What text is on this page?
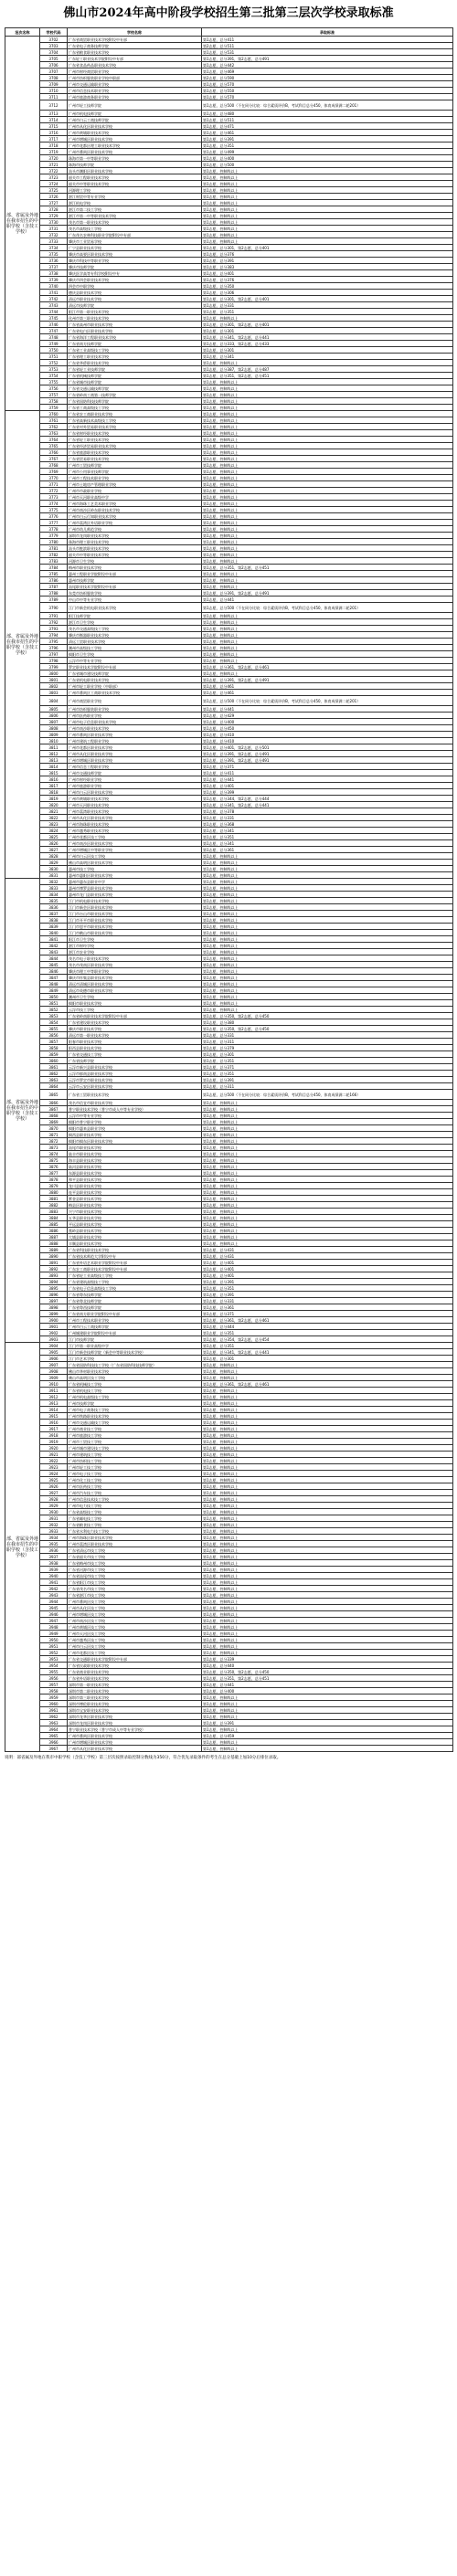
佛山市2024年高中阶段学校招生第三批第三层次学校录取标准
批次名称	学校代码	学校名称	录取标准
部、省属及外地在我市招生的中职学校（含技工学校）	3702	广东省商贸职业技术学校附设中专部	第1志愿，总分411
	3703	广东省电子商务技师学院	第2志愿，总分511
	3704	广东省粮食职业技术学校	第1志愿，总分531
	3705	广东轻工职业技术学院附设中专部	第1志愿，总分391，第2志愿，总分491
	3706	广东省食品药品职业技术学校	第1志愿，总分442
	3707	广州市财经商贸职业学校	第1志愿，总分469
	3708	广州市纺织服装职业学校中职部	第2志愿，总分590
	3709	广州市交通运输职业学校	第1志愿，总分570
	3710	广州市信息技术职业学校	第1志愿，总分550
	3711	广州市旅游商务职业学校	第1志愿，总分570
	3712	广州市轻工技师学院	第1志愿，总分500（不在同分比较：综合素质评价B，考试科目总分450，体育成绩满二轮201）
	3713	广州市机电技师学院	第1志愿，总分480
	3714	广州市白云工商技师学院	第1志愿，总分511
	3715	广州市从化区职业技术学校	第1志愿，总分471
	3716	广州市黄埔职业技术学校	第1志愿，总分461
	3717	广州市增城区职业技术学校	第1志愿，总分391
	3718	广州市花都区理工职业技术学校	第1志愿，总分351
	3719	广州市番禺区职业技术学校	第1志愿，总分499
	3720	珠海市第一中等职业学校	第1志愿，总分400
	3721	珠海市技师学院	第1志愿，总分500
	3722	汕头市潮阳区职业技术学校	第1志愿，控制线以上
	3723	韶关市工程职业技术学校	第1志愿，控制线以上
	3724	韶关市中等职业技术学校	第1志愿，控制线以上
	3725	河源理工学校	第1志愿，控制线以上
	3726	湛江财贸中等专业学校	第1志愿，控制线以上
	3727	湛江机电学校	第1志愿，控制线以上
	3728	湛江市第二技工学校	第1志愿，控制线以上
	3729	湛江市第一中等职业技术学校	第1志愿，控制线以上
	3730	茂名市第一职业技术学校	第1志愿，控制线以上
	3731	茂名市高级技工学校	第1志愿，控制线以上
	3732	广东茂名农林科技职业学院附设中专部	第1志愿，控制线以上
	3733	肇庆市工业贸易学校	第1志愿，控制线以上
	3734	广宁县职业技术学校	第1志愿，总分301，第2志愿，总分401
	3735	肇庆市高要区职业技术学校	第1志愿，总分376
	3736	肇庆市科技中等职业学校	第1志愿，总分391
	3737	肇庆市技师学院	第1志愿，总分383
	3738	肇庆医学高等专科学校附设中专	第1志愿，总分401
	3739	肇庆市四会职业技术学校	第1志愿，总分376
	3740	四会市中职学校	第1志愿，总分350
	3741	德庆县职业技术学校	第1志愿，总分306
	3742	清远市职业技术学校	第1志愿，总分301，第2志愿，总分401
	3743	清远市技师学院	第1志愿，总分331
	3744	阳江市第一职业技术学校	第1志愿，总分351
	3745	化州市第三职业技术学校	第1志愿，控制线以上
	3746	广东省高州市职业技术学校	第1志愿，总分301，第2志愿，总分401
	3747	广东省电白区职业技术学校	第1志愿，总分301
	3748	广东省海洋工程职业技术学校	第1志愿，总分341，第2志愿，总分441
	3749	广东省南方技师学院	第1志愿，总分333，第2志愿，总分433
	3750	广东省工业高级技工学校	第1志愿，总分301
	3751	广东省理工职业技术学校	第1志愿，总分341
	3752	广东省华侨职业技术学校	第1志愿，控制线以上
	3753	广东省轻工业技师学院	第1志愿，总分387，第2志愿，总分487
	3754	广东省机械技师学院	第1志愿，总分351，第2志愿，总分451
	3755	广东省城市技师学院	第1志愿，控制线以上
	3756	广东省交通运输技师学院	第1志愿，控制线以上
	3757	广东省岭南工商第一技师学院	第1志愿，控制线以上
	3758	广东省国防科技技师学院	第1志愿，控制线以上
	3759	广东省工商高级技工学校	第1志愿，控制线以上
部、省属及外地在我市招生的中职学校（含技工学校）	3760	广东省农工商职业技术学校	第1志愿，控制线以上
	3761	广东省高新技术高级技工学校	第1志愿，控制线以上
	3762	广东省对外贸易职业技术学校	第1志愿，控制线以上
	3763	广东省财经职业技术学校	第1志愿，控制线以上
	3764	广东省轻工职业技术学校	第1志愿，控制线以上
	3765	广东省经济贸易职业技术学校	第1志愿，控制线以上
	3766	广东省旅游职业技术学校	第1志愿，控制线以上
	3767	广东省贸易职业技术学校	第1志愿，控制线以上
	3768	广州市工贸技师学院	第1志愿，控制线以上
	3769	广州市公用事业技师学院	第1志愿，控制线以上
	3770	广州市工程技术职业学校	第1志愿，控制线以上
	3771	广州市土地房产管理职业学校	第1志愿，控制线以上
	3772	广州市市政职业学校	第1志愿，控制线以上
	3773	广州市天河职业高级中学	第1志愿，控制线以上
	3774	广州市海珠工艺美术职业学校	第1志愿，控制线以上
	3775	广州市南沙区岭东职业技术学校	第1志愿，控制线以上
	3776	广州市白云行知职业技术学校	第1志愿，控制线以上
	3777	广州市荔湾区外语职业学校	第1志愿，控制线以上
	3778	广州市幼儿师范学校	第1志愿，控制线以上
	3779	深圳市龙岗职业技术学校	第1志愿，控制线以上
	3780	珠海市理工职业技术学校	第1志愿，控制线以上
	3781	汕头市鮀滨职业技术学校	第1志愿，控制线以上
	3782	韶关市中等职业技术学校	第1志愿，控制线以上
	3783	河源市卫生学校	第1志愿，控制线以上
	3784	梅州市职业技术学校	第1志愿，总分351，第2志愿，总分451
	3785	惠州工程职业学院附设中专部	第1志愿，控制线以上
	3786	惠州市技师学院	第1志愿，控制线以上
	3787	汕尾职业技术学院附设中专部	第1志愿，控制线以上
	3788	东莞市纺织服装学校	第1志愿，总分391，第2志愿，总分491
	3789	中山市中等专业学校	第1志愿，总分441
	3790	江门市新会机电职业技术学校	第1志愿，总分500（不在同分比较：综合素质评价B，考试科目总分450，体育成绩满二轮201）
	3791	阳江技师学院	第1志愿，控制线以上
	3792	湛江市卫生学校	第1志愿，控制线以上
	3793	茂名市交通高级技工学校	第1志愿，控制线以上
	3794	肇庆市衡器职业技术学校	第1志愿，控制线以上
	3795	清远工贸职业技术学校	第1志愿，控制线以上
	3796	潮州市高级技工学校	第1志愿，控制线以上
	3797	揭阳市卫生学校	第1志愿，控制线以上
	3798	云浮市中等专业学校	第1志愿，控制线以上
	3799	罗定职业技术学院附设中专部	第1志愿，总分361，第2志愿，总分461
	3800	广东省城市建设技师学院	第1志愿，控制线以上
	3801	广东省机电职业技术学校	第1志愿，总分391，第2志愿，总分491
	3802	广州市轻工职业学校（中职部）	第1志愿，总分461
	3803	广州市番禺区工商职业技术学校	第1志愿，总分461
	3804	广州市商贸职业学校	第1志愿，总分500（不在同分比较：综合素质评价B，考试科目总分450，体育成绩满二轮201）
	3805	广州市纺织服装职业学校	第1志愿，总分441
	3806	广州市医药职业学校	第1志愿，总分429
	3807	广州市电子信息职业技术学校	第1志愿，总分400
	3808	广州市南沙职业技术学校	第1志愿，总分450
	3809	广州市番禺区职业技术学校	第1志愿，总分410
	3810	广州市建筑工程职业学校	第1志愿，总分410
	3811	广州市花都区职业技术学校	第1志愿，总分401，第2志愿，总分501
	3812	广州市从化区职业技术学校	第1志愿，总分391，第2志愿，总分491
	3813	广州市增城区职业技术学校	第1志愿，总分391，第2志愿，总分491
	3814	广州市信息工程职业学校	第1志愿，总分371
	3815	广州市交通技师学院	第1志愿，总分411
	3816	广州市财经职业学校	第1志愿，总分441
	3817	广州市旅游职业学校	第1志愿，总分401
	3818	广州市白云区职业技术学校	第1志愿，总分399
	3819	广州市黄埔职业技术学校	第1志愿，总分344，第2志愿，总分444
	3820	广州市天河职业技术学校	第1志愿，总分341，第2志愿，总分441
	3821	广州市荔湾职业技术学校	第1志愿，总分378
	3822	广州市从化区职业技术学校	第1志愿，总分331
	3823	广州市海珠职业技术学校	第1志愿，总分368
	3824	广州市越秀职业技术学校	第1志愿，总分341
	3825	广州市花都区技工学校	第1志愿，总分351
	3826	广州市南沙区职业技术学校	第1志愿，总分341
	3827	广州市增城区中等职业学校	第1志愿，总分361
	3828	广州市白云区技工学校	第1志愿，控制线以上
	3829	佛山市高明区职业技术学校	第1志愿，控制线以上
	3830	惠州市技工学校	第1志愿，控制线以上
	3831	惠州市惠阳区职业技术学校	第1志愿，控制线以上
部、省属及外地在我市招生的中职学校（含技工学校）	3832	惠州市惠东县职业中学	第1志愿，控制线以上
	3833	惠州市博罗县职业技术学校	第1志愿，控制线以上
	3834	惠州市龙门县职业技术学校	第1志愿，控制线以上
	3835	江门市机电职业技术学校	第1志愿，控制线以上
	3836	江门市新会区职业技术学校	第1志愿，控制线以上
	3837	江门市台山市职业技术学校	第1志愿，控制线以上
	3838	江门市开平市职业技术学校	第1志愿，控制线以上
	3839	江门市恩平市职业技术学校	第1志愿，控制线以上
	3840	江门市鹤山市职业技术学校	第1志愿，控制线以上
	3841	阳江市卫生学校	第1志愿，控制线以上
	3842	湛江市财经学校	第1志愿，控制线以上
	3843	湛江市农业学校	第1志愿，控制线以上
	3844	茂名市电子职业技术学校	第1志愿，控制线以上
	3845	茂名市茂南区职业技术学校	第1志愿，控制线以上
	3846	肇庆市理工中等职业学校	第1志愿，控制线以上
	3847	肇庆市怀集县职业技术学校	第1志愿，控制线以上
	3848	清远市清城区职业技术学校	第1志愿，控制线以上
	3849	清远市英德市职业技术学校	第1志愿，控制线以上
	3850	潮州市卫生学校	第1志愿，控制线以上
	3851	揭阳市职业技术学校	第1志愿，控制线以上
	3852	云浮市技工学校	第1志愿，控制线以上
	3853	广东省岭南职业技术学院附设中专部	第1志愿，总分350，第2志愿，总分450
	3854	广东省建设职业技术学校	第1志愿，总分380
	3855	肇庆市职业技术学校	第1志愿，总分350，第2志愿，总分450
	3856	清远市第一职业技术学校	第1志愿，总分331
	3857	阳春市职业技术学校	第1志愿，总分311
	3858	阳西县职业技术学校	第1志愿，总分379
	3859	广东省交通技工学校	第1志愿，总分301
	3860	广东省技师学院	第1志愿，总分351
	3861	云浮市新兴县职业技术学校	第1志愿，总分371
	3862	云浮市郁南县职业技术学校	第1志愿，总分351
	3863	云浮市罗定市职业技术学校	第1志愿，总分391
	3864	云浮市云安区职业技术学校	第1志愿，总分311
	3865	广东省工贸职业技术学校	第1志愿，总分500（不在同分比较：综合素质评价B，考试科目总分450，体育成绩满二轮166）
	3866	茂名市信宜市职业技术学校	第1志愿，控制线以上
	3867	普宁职业技术学校（普宁市成人中等专业学校）	第1志愿，控制线以上
	3868	云浮市中等专业学校	第1志愿，控制线以上
	3869	揭阳市普宁职业学校	第1志愿，控制线以上
	3870	揭阳市惠来县职业学校	第1志愿，控制线以上
	3871	揭西县职业技术学校	第1志愿，控制线以上
	3872	揭阳市揭东区职业技术学校	第1志愿，控制线以上
	3873	汕尾市职业技术学校	第1志愿，控制线以上
	3874	陆丰市职业技术学校	第1志愿，控制线以上
	3875	海丰县职业技术学校	第1志愿，控制线以上
	3876	陆河县职业技术学校	第1志愿，控制线以上
	3877	东源县职业技术学校	第1志愿，控制线以上
	3878	和平县职业技术学校	第1志愿，控制线以上
	3879	龙川县职业技术学校	第1志愿，控制线以上
	3880	连平县职业技术学校	第1志愿，控制线以上
	3881	紫金县职业技术学校	第1志愿，控制线以上
	3882	梅县区职业技术学校	第1志愿，控制线以上
	3883	兴宁市职业技术学校	第1志愿，控制线以上
	3884	五华县职业技术学校	第1志愿，控制线以上
	3885	平远县职业技术学校	第1志愿，控制线以上
	3886	蕉岭县职业技术学校	第1志愿，控制线以上
	3887	大埔县职业技术学校	第1志愿，控制线以上
	3888	丰顺县职业技术学校	第1志愿，控制线以上
	3889	广东省科技职业技术学校	第1志愿，总分431
	3890	广东省技术师范大学附设中专	第1志愿，总分431
	3891	广东省外语艺术职业学院附设中专部	第1志愿，总分401
	3892	广东农工商职业技术学院附设中专部	第1志愿，总分401
	3893	广东省轻工业高级技工学校	第1志愿，总分401
	3894	广东省建筑高级技工学校	第1志愿，总分391
	3895	广东省电子信息高级技工学校	第1志愿，总分351
	3896	广东省粤东技师学院	第1志愿，总分391
	3897	广东省粤北技师学院	第1志愿，总分331
	3898	广东省粤西技师学院	第1志愿，总分361
	3899	广东省南方职业学院附设中专部	第1志愿，总分371
	3900	广州市工程技术职业学校	第1志愿，总分361，第2志愿，总分461
	3901	广州市白云工商技师学院	第1志愿，总分444
	3902	广州城建职业学院附设中专部	第1志愿，总分351
	3903	江门市技师学院	第1志愿，总分354，第2志愿，总分454
部、省属及外地在我市招生的中职学校（含技工学校）	3904	江门市第一职业高级中学	第1志愿，总分351
	3905	江门市新会技师学院（新会中等职业技术学校）	第1志愿，总分341，第2志愿，总分441
	3906	江门市艺术学校	第1志愿，总分301
	3907	广东省国防科技技工学校（广东省国防科技技师学院）	第1志愿，控制线以上
	3908	佛山市华材职业技术学校	第1志愿，控制线以上
	3909	佛山市高明区技工学校	第1志愿，控制线以上
	3910	广东省机械技工学校	第1志愿，总分361，第2志愿，总分461
	3911	广东省机电技工学校	第1志愿，控制线以上
	3912	广州市机电高级技工学校	第1志愿，控制线以上
	3913	广州市技师学院	第1志愿，控制线以上
	3914	广州市电子商务技工学校	第1志愿，控制线以上
	3915	广州市铁路职业技术学校	第1志愿，控制线以上
	3916	广州市交通运输技工学校	第1志愿，控制线以上
	3917	广州市商业技工学校	第1志愿，控制线以上
	3918	广州市旅游技工学校	第1志愿，控制线以上
	3919	广州市工贸技工学校	第1志愿，控制线以上
	3920	广州市城市建设技工学校	第1志愿，控制线以上
	3921	广州市建筑技工学校	第1志愿，控制线以上
	3922	广州市纺织技工学校	第1志愿，控制线以上
	3923	广州市轻工技工学校	第1志愿，控制线以上
	3924	广州市电子技工学校	第1志愿，控制线以上
	3925	广州市化工技工学校	第1志愿，控制线以上
	3926	广州市医药技工学校	第1志愿，控制线以上
	3927	广州市汽车技工学校	第1志愿，控制线以上
	3928	广州市信息技术技工学校	第1志愿，控制线以上
	3929	广州市电力技工学校	第1志愿，控制线以上
	3930	广东省高级技工学校	第1志愿，控制线以上
	3931	广东省邮电技工学校	第1志愿，控制线以上
	3932	广东省粮食技工学校	第1志愿，控制线以上
	3933	广东省水利电力技工学校	第1志愿，控制线以上
	3934	广州市海珠区职业技术学校	第1志愿，控制线以上
	3935	广州市荔湾区职业技术学校	第1志愿，控制线以上
	3936	广东省清远市技工学校	第1志愿，控制线以上
	3937	广东省韶关市技工学校	第1志愿，控制线以上
	3938	广东省梅州市技工学校	第1志愿，控制线以上
	3939	广东省河源市技工学校	第1志愿，控制线以上
	3940	广东省汕尾市技工学校	第1志愿，控制线以上
	3941	广东省阳江市技工学校	第1志愿，控制线以上
	3942	广东省茂名市技工学校	第1志愿，控制线以上
	3943	广东省湛江市技工学校	第1志愿，控制线以上
	3944	广州市番禺区技工学校	第1志愿，控制线以上
	3945	广州市从化区技工学校	第1志愿，控制线以上
	3946	广州市增城区技工学校	第1志愿，控制线以上
	3947	广州市南沙区技工学校	第1志愿，控制线以上
	3948	广州市黄埔区技工学校	第1志愿，控制线以上
	3949	广州市天河区技工学校	第1志愿，控制线以上
	3950	广州市越秀区技工学校	第1志愿，控制线以上
	3951	广州市白云区技工学校	第1志愿，控制线以上
	3952	广州市花都区技工学校	第1志愿，控制线以上
	3953	广东省交通职业技术学院附设中专部	第1志愿，总分339
	3954	广东省民政职业技术学校	第1志愿，总分440
	3955	广东省商业职业技术学校	第1志愿，总分350，第2志愿，总分450
	3956	广东省外语职业技术学校	第1志愿，总分351，第2志愿，总分451
	3957	深圳市第一职业技术学校	第1志愿，总分441
	3958	深圳市第二职业技术学校	第1志愿，总分400
	3959	深圳市第三职业技术学校	第1志愿，控制线以上
	3960	深圳市博伦职业技术学校	第1志愿，控制线以上
	3961	深圳市宝安职业技术学校	第1志愿，控制线以上
	3962	深圳市龙华区职业技术学校	第1志愿，控制线以上
	3963	深圳市龙岗区职业技术学校	第1志愿，总分391
	3964	普宁职业技术学校（普宁市成人中等专业学校）	第1志愿，控制线以上
	3965	广州市番禺区职业技术学校	第1志愿，总分459
	3966	广州市增城区职业技术学校	第1志愿，控制线以上
	3967	广州市从化区职业技术学校	第1志愿，控制线以上
说明：部省属及外地在我市中职学校（含技工学校）第三层次按照录取控制分数线为350分，符合优先录取条件的考生在总分基础上加10分后排位录取。
